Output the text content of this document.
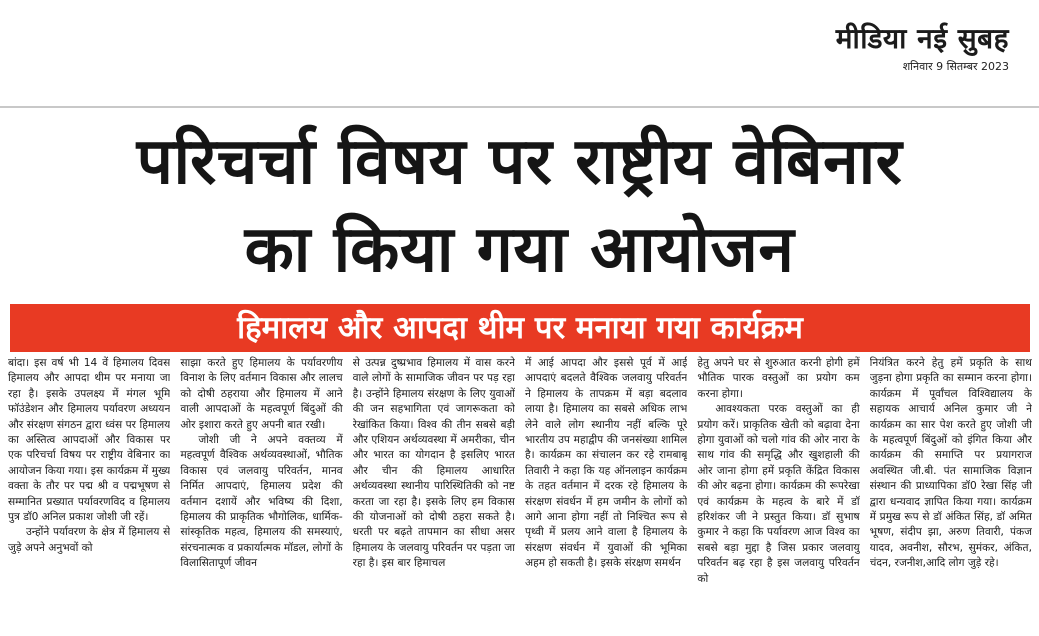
मीडिया नई सुबह
शनिवार 9 सितम्बर 2023
परिचर्चा विषय पर राष्ट्रीय वेबिनार
का किया गया आयोजन
हिमालय और आपदा थीम पर मनाया गया कार्यक्रम

बांदा। इस वर्ष भी 14 वें हिमालय दिवस हिमालय और आपदा थीम पर मनाया जा रहा है। इसके उपलक्ष्य में मंगल भूमि फॉउंडेशन और हिमालय पर्यावरण अध्ययन और संरक्षण संगठन द्वारा ध्वंस पर हिमालय का अस्तित्व आपदाओं और विकास पर एक परिचर्चा विषय पर राष्ट्रीय वेबिनार का आयोजन किया गया। इस कार्यक्रम में मुख्य वक्ता के तौर पर पद्म श्री व पद्मभूषण से सम्मानित प्रख्यात पर्यावरणविद व हिमालय पुत्र डॉ0 अनिल प्रकाश जोशी जी रहें।

उन्होंने पर्यावरण के क्षेत्र में हिमालय से जुड़े अपने अनुभवों को

साझा करते हुए हिमालय के पर्यावरणीय विनाश के लिए वर्तमान विकास और लालच को दोषी ठहराया और हिमालय में आने वाली आपदाओं के महत्वपूर्ण बिंदुओं की ओर इशारा करते हुए अपनी बात रखी।

जोशी जी ने अपने वक्तव्य में महत्वपूर्ण वैश्विक अर्थव्यवस्थाओं, भौतिक विकास एवं जलवायु परिवर्तन, मानव निर्मित आपदाएं, हिमालय प्रदेश की वर्तमान दशायें और भविष्य की दिशा, हिमालय की प्राकृतिक भौगोलिक, धार्मिक-सांस्कृतिक महत्व, हिमालय की समस्याएं, संरचनात्मक व प्रकार्यात्मक मॉडल, लोगों के विलासितापूर्ण जीवन

से उत्पन्न दुष्प्रभाव हिमालय में वास करने वाले लोगों के सामाजिक जीवन पर पड़ रहा है। उन्होंने हिमालय संरक्षण के लिए युवाओं की जन सहभागिता एवं जागरूकता को रेखांकित किया। विश्व की तीन सबसे बड़ी और एशियन अर्थव्यवस्था में अमरीका, चीन और भारत का योगदान है इसलिए भारत और चीन की हिमालय आधारित अर्थव्यवस्था स्थानीय पारिस्थितिकी को नष्ट करता जा रहा है। इसके लिए हम विकास की योजनाओं को दोषी ठहरा सकते है।धरती पर बढ़ते तापमान का सीधा असर हिमालय के जलवायु परिवर्तन पर पड़ता जा रहा है। इस बार हिमाचल

में आई आपदा और इससे पूर्व में आई आपदाएं बदलते वैश्विक जलवायु परिवर्तन ने हिमालय के तापक्रम में बड़ा बदलाव लाया है। हिमालय का सबसे अधिक लाभ लेने वाले लोग स्थानीय नहीं बल्कि पूरे भारतीय उप महाद्वीप की जनसंख्या शामिल है। कार्यक्रम का संचालन कर रहे रामबाबू तिवारी ने कहा कि यह ऑनलाइन कार्यक्रम के तहत वर्तमान में दरक रहे हिमालय के संरक्षण संवर्धन में हम जमीन के लोगों को आगे आना होगा नहीं तो निश्चित रूप से पृथ्वी में प्रलय आने वाला है हिमालय के संरक्षण संवर्धन में युवाओं की भूमिका अहम हो सकती है। इसके संरक्षण समर्थन

हेतु अपने घर से शुरुआत करनी होगी हमें भौतिक पारक वस्तुओं का प्रयोग कम करना होगा।

आवश्यकता परक वस्तुओं का ही प्रयोग करें। प्राकृतिक खेती को बढ़ावा देना होगा युवाओं को चलो गांव की ओर नारा के साथ गांव की समृद्धि और खुशहाली की ओर जाना होगा हमें प्रकृति केंद्रित विकास की ओर बढ़ना होगा। कार्यक्रम की रूपरेखा एवं कार्यक्रम के महत्व के बारे में डॉ हरिशंकर जी ने प्रस्तुत किया। डॉ सुभाष कुमार ने कहा कि पर्यावरण आज विश्व का सबसे बड़ा मुद्दा है जिस प्रकार जलवायु परिवर्तन बढ़ रहा है इस जलवायु परिवर्तन को

नियंत्रित करने हेतु हमें प्रकृति के साथ जुड़ना होगा प्रकृति का सम्मान करना होगा। कार्यक्रम में पूर्वांचल विश्विद्यालय के सहायक आचार्य अनिल कुमार जी ने कार्यक्रम का सार पेश करते हुए जोशी जी के महत्वपूर्ण बिंदुओं को इंगित किया और कार्यक्रम की समाप्ति पर प्रयागराज अवस्थित जी.बी. पंत सामाजिक विज्ञान संस्थान की प्राध्यापिका डॉ0 रेखा सिंह जी द्वारा धन्यवाद ज्ञापित किया गया। कार्यक्रम में प्रमुख रूप से डॉ अंकित सिंह, डॉ अमित भूषण, संदीप झा, अरुण तिवारी, पंकज यादव, अवनीश, सौरभ, सुमंकर, अंकित, चंदन, रजनीश,आदि लोग जुड़े रहे।
